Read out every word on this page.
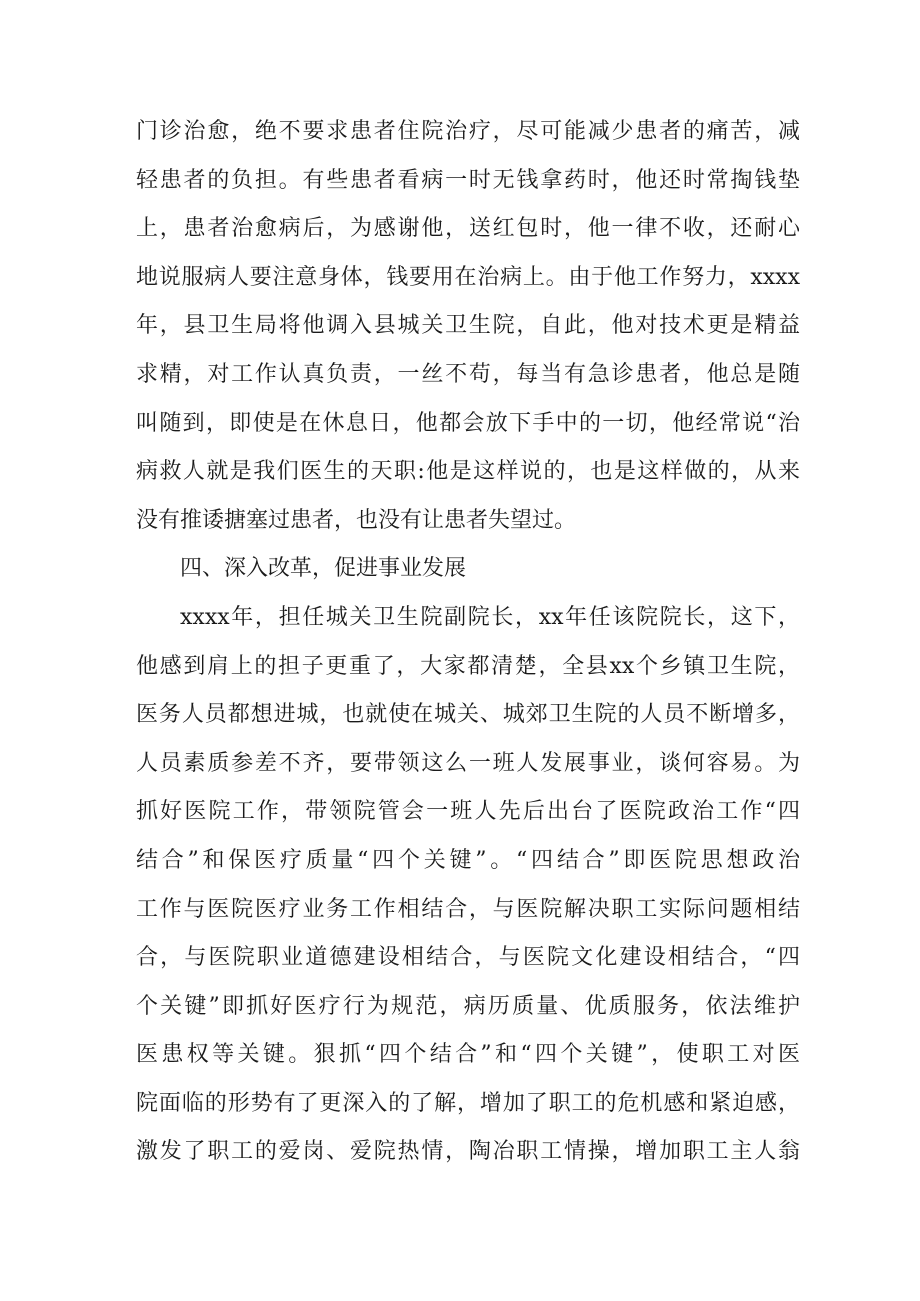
门诊治愈，绝不要求患者住院治疗，尽可能减少患者的痛苦，减
轻患者的负担。有些患者看病一时无钱拿药时，他还时常掏钱垫
上，患者治愈病后，为感谢他，送红包时，他一律不收，还耐心
地说服病人要注意身体，钱要用在治病上。由于他工作努力，xxxx
年，县卫生局将他调入县城关卫生院，自此，他对技术更是精益
求精，对工作认真负责，一丝不苟，每当有急诊患者，他总是随
叫随到，即使是在休息日，他都会放下手中的一切，他经常说“治
病救人就是我们医生的天职:他是这样说的，也是这样做的，从来
没有推诿搪塞过患者，也没有让患者失望过。
四、深入改革，促进事业发展
xxxx年，担任城关卫生院副院长，xx年任该院院长，这下，
他感到肩上的担子更重了，大家都清楚，全县xx个乡镇卫生院，
医务人员都想进城，也就使在城关、城郊卫生院的人员不断增多，
人员素质参差不齐，要带领这么一班人发展事业，谈何容易。为
抓好医院工作，带领院管会一班人先后出台了医院政治工作“四
结合”和保医疗质量“四个关键”。“四结合”即医院思想政治
工作与医院医疗业务工作相结合，与医院解决职工实际问题相结
合，与医院职业道德建设相结合，与医院文化建设相结合，“四
个关键”即抓好医疗行为规范，病历质量、优质服务，依法维护
医患权等关键。狠抓“四个结合”和“四个关键”，使职工对医
院面临的形势有了更深入的了解，增加了职工的危机感和紧迫感，
激发了职工的爱岗、爱院热情，陶冶职工情操，增加职工主人翁
